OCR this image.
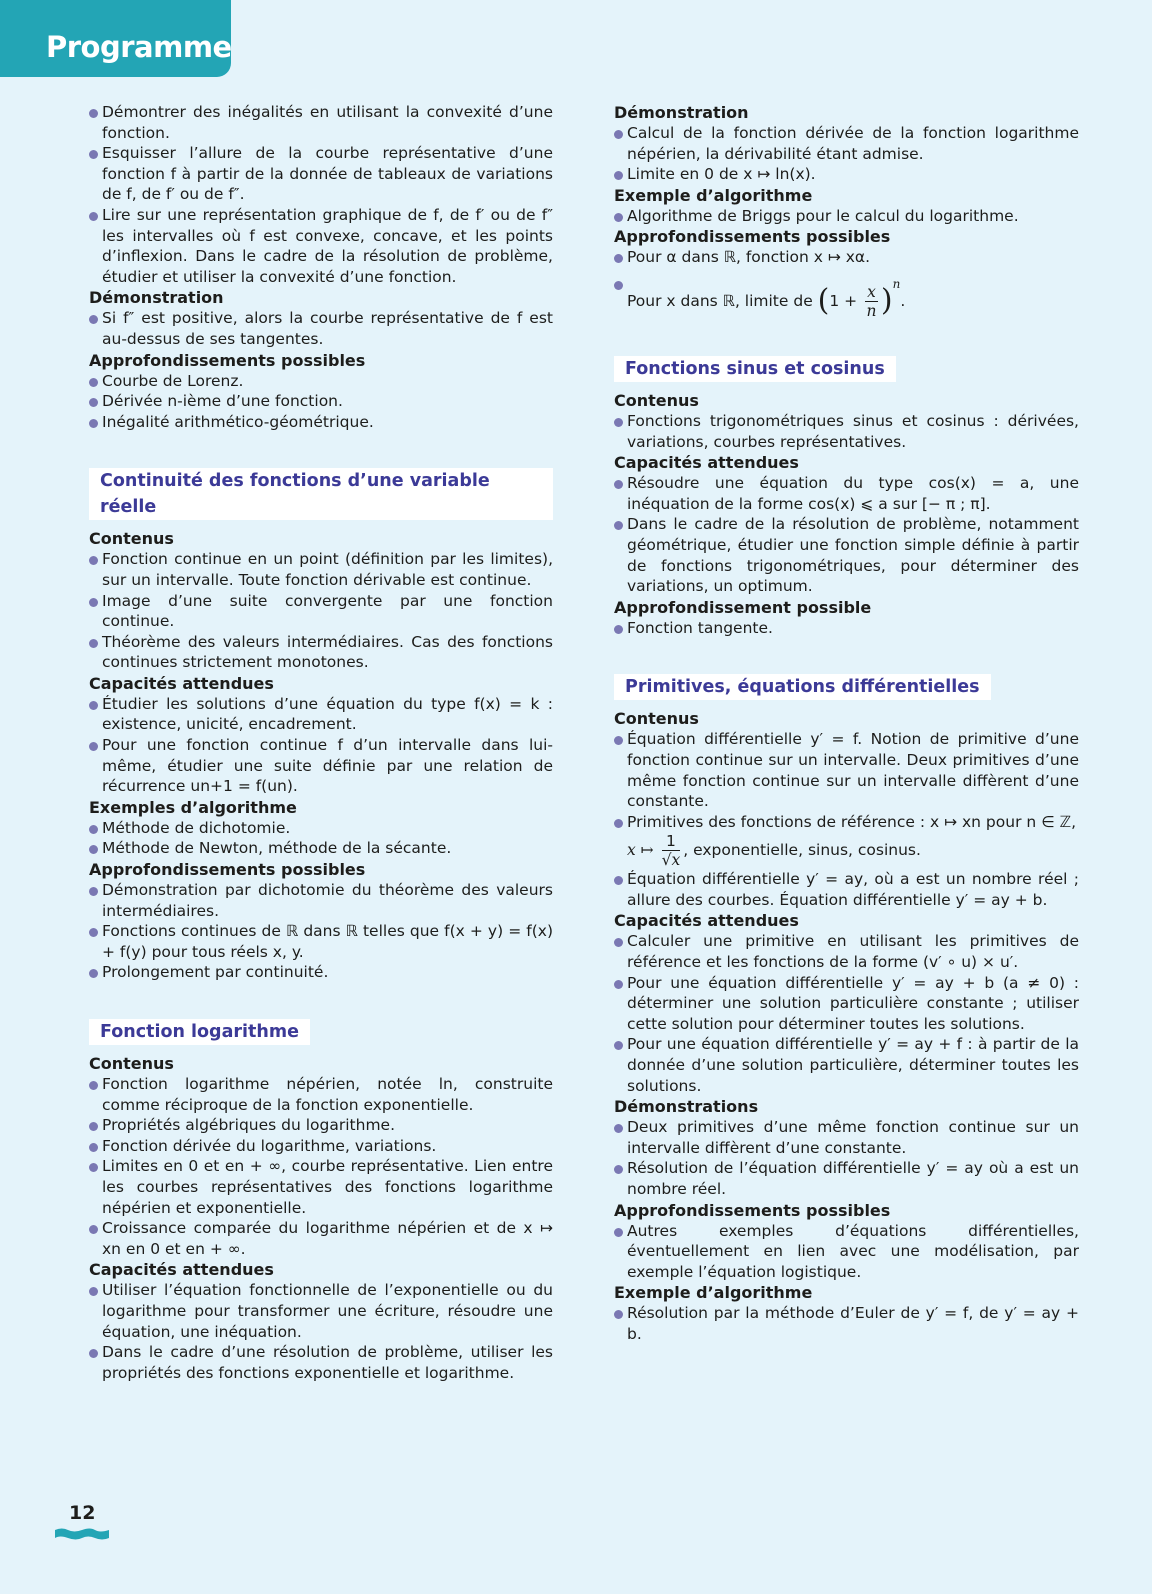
Programme

Démontrer des inégalités en utilisant la convexité d’une fonction.

Esquisser l’allure de la courbe représentative d’une fonction f à partir de la donnée de tableaux de variations de f, de f′ ou de f″.

Lire sur une représentation graphique de f, de f′ ou de f″ les intervalles où f est convexe, concave, et les points d’inflexion. Dans le cadre de la résolution de problème, étudier et utiliser la convexité d’une fonction.

Démonstration

Si f″ est positive, alors la courbe représentative de f est au-dessus de ses tangentes.

Approfondissements possibles

Courbe de Lorenz.

Dérivée n-ième d’une fonction.

Inégalité arithmético-géométrique.

Continuité des fonctions d’une variable réelle
Contenus

Fonction continue en un point (définition par les limites), sur un intervalle. Toute fonction dérivable est continue.

Image d’une suite convergente par une fonction continue.

Théorème des valeurs intermédiaires. Cas des fonctions continues strictement monotones.

Capacités attendues

Étudier les solutions d’une équation du type f(x) = k : existence, unicité, encadrement.

Pour une fonction continue f d’un intervalle dans lui-même, étudier une suite définie par une relation de récurrence un+1 = f(un).

Exemples d’algorithme

Méthode de dichotomie.

Méthode de Newton, méthode de la sécante.

Approfondissements possibles

Démonstration par dichotomie du théorème des valeurs intermédiaires.

Fonctions continues de ℝ dans ℝ telles que f(x + y) = f(x) + f(y) pour tous réels x, y.

Prolongement par continuité.

Fonction logarithme
Contenus

Fonction logarithme népérien, notée ln, construite comme réciproque de la fonction exponentielle.

Propriétés algébriques du logarithme.

Fonction dérivée du logarithme, variations.

Limites en 0 et en + ∞, courbe représentative. Lien entre les courbes représentatives des fonctions logarithme népérien et exponentielle.

Croissance comparée du logarithme népérien et de x ↦ xn en 0 et en + ∞.

Capacités attendues

Utiliser l’équation fonctionnelle de l’exponentielle ou du logarithme pour transformer une écriture, résoudre une équation, une inéquation.

Dans le cadre d’une résolution de problème, utiliser les propriétés des fonctions exponentielle et logarithme.

Démonstration

Calcul de la fonction dérivée de la fonction logarithme népérien, la dérivabilité étant admise.

Limite en 0 de x ↦ ln(x).

Exemple d’algorithme

Algorithme de Briggs pour le calcul du logarithme.

Approfondissements possibles

Pour α dans ℝ, fonction x ↦ xα.

Pour x dans ℝ, limite de $(1 + \frac{x}{n} )^n$.

Fonctions sinus et cosinus
Contenus

Fonctions trigonométriques sinus et cosinus : dérivées, variations, courbes représentatives.

Capacités attendues

Résoudre une équation du type cos(x) = a, une inéquation de la forme cos(x) ⩽ a sur [− π ; π].

Dans le cadre de la résolution de problème, notamment géométrique, étudier une fonction simple définie à partir de fonctions trigonométriques, pour déterminer des variations, un optimum.

Approfondissement possible

Fonction tangente.

Primitives, équations différentielles
Contenus

Équation différentielle y′ = f. Notion de primitive d’une fonction continue sur un intervalle. Deux primitives d’une même fonction continue sur un intervalle diffèrent d’une constante.

Primitives des fonctions de référence : x ↦ xn pour n ∈ ℤ,
x ↦ $\frac{1}{√x}$ , exponentielle, sinus, cosinus.

Équation différentielle y′ = ay, où a est un nombre réel ; allure des courbes. Équation différentielle y′ = ay + b.

Capacités attendues

Calculer une primitive en utilisant les primitives de référence et les fonctions de la forme (v′ ∘ u) × u′.

Pour une équation différentielle y′ = ay + b (a ≠ 0) : déterminer une solution particulière constante ; utiliser cette solution pour déterminer toutes les solutions.

Pour une équation différentielle y′ = ay + f : à partir de la donnée d’une solution particulière, déterminer toutes les solutions.

Démonstrations

Deux primitives d’une même fonction continue sur un intervalle diffèrent d’une constante.

Résolution de l’équation différentielle y′ = ay où a est un nombre réel.

Approfondissements possibles

Autres exemples d’équations différentielles, éventuellement en lien avec une modélisation, par exemple l’équation logistique.

Exemple d’algorithme

Résolution par la méthode d’Euler de y′ = f, de y′ = ay + b.

12
